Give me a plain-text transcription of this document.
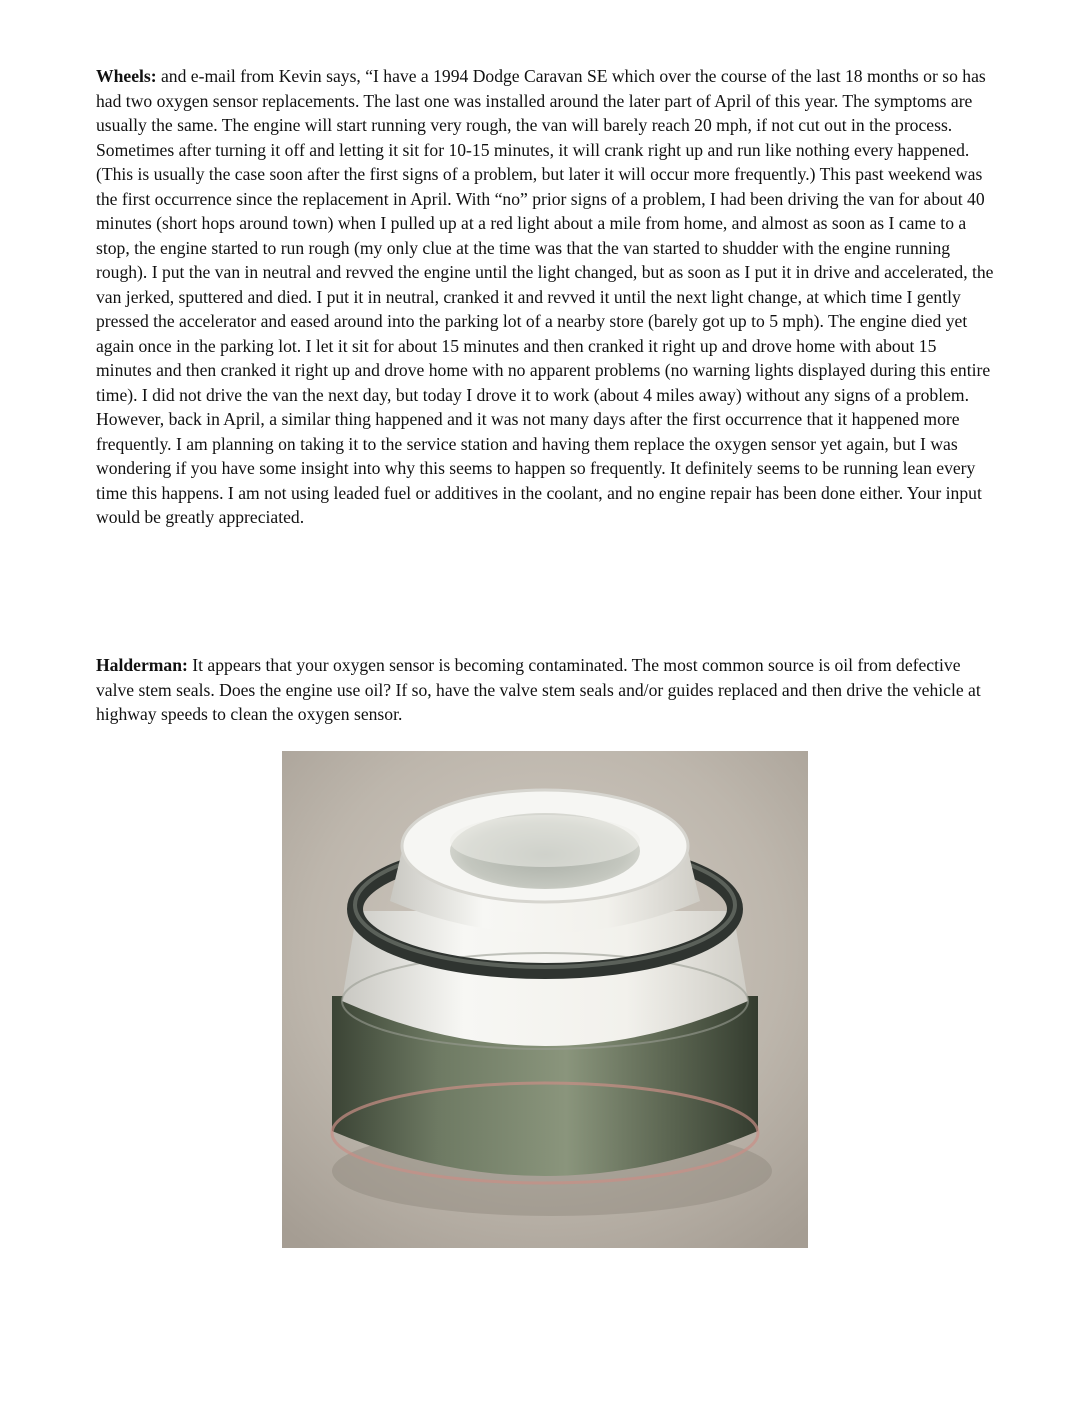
Wheels: and e-mail from Kevin says, “I have a 1994 Dodge Caravan SE which over the course of the last 18 months or so has had two oxygen sensor replacements. The last one was installed around the later part of April of this year. The symptoms are usually the same. The engine will start running very rough, the van will barely reach 20 mph, if not cut out in the process. Sometimes after turning it off and letting it sit for 10-15 minutes, it will crank right up and run like nothing every happened. (This is usually the case soon after the first signs of a problem, but later it will occur more frequently.) This past weekend was the first occurrence since the replacement in April. With “no” prior signs of a problem, I had been driving the van for about 40 minutes (short hops around town) when I pulled up at a red light about a mile from home, and almost as soon as I came to a stop, the engine started to run rough (my only clue at the time was that the van started to shudder with the engine running rough). I put the van in neutral and revved the engine until the light changed, but as soon as I put it in drive and accelerated, the van jerked, sputtered and died. I put it in neutral, cranked it and revved it until the next light change, at which time I gently pressed the accelerator and eased around into the parking lot of a nearby store (barely got up to 5 mph). The engine died yet again once in the parking lot. I let it sit for about 15 minutes and then cranked it right up and drove home with about 15 minutes and then cranked it right up and drove home with no apparent problems (no warning lights displayed during this entire time). I did not drive the van the next day, but today I drove it to work (about 4 miles away) without any signs of a problem. However, back in April, a similar thing happened and it was not many days after the first occurrence that it happened more frequently. I am planning on taking it to the service station and having them replace the oxygen sensor yet again, but I was wondering if you have some insight into why this seems to happen so frequently. It definitely seems to be running lean every time this happens. I am not using leaded fuel or additives in the coolant, and no engine repair has been done either. Your input would be greatly appreciated.

Halderman: It appears that your oxygen sensor is becoming contaminated. The most common source is oil from defective valve stem seals. Does the engine use oil? If so, have the valve stem seals and/or guides replaced and then drive the vehicle at highway speeds to clean the oxygen sensor.
